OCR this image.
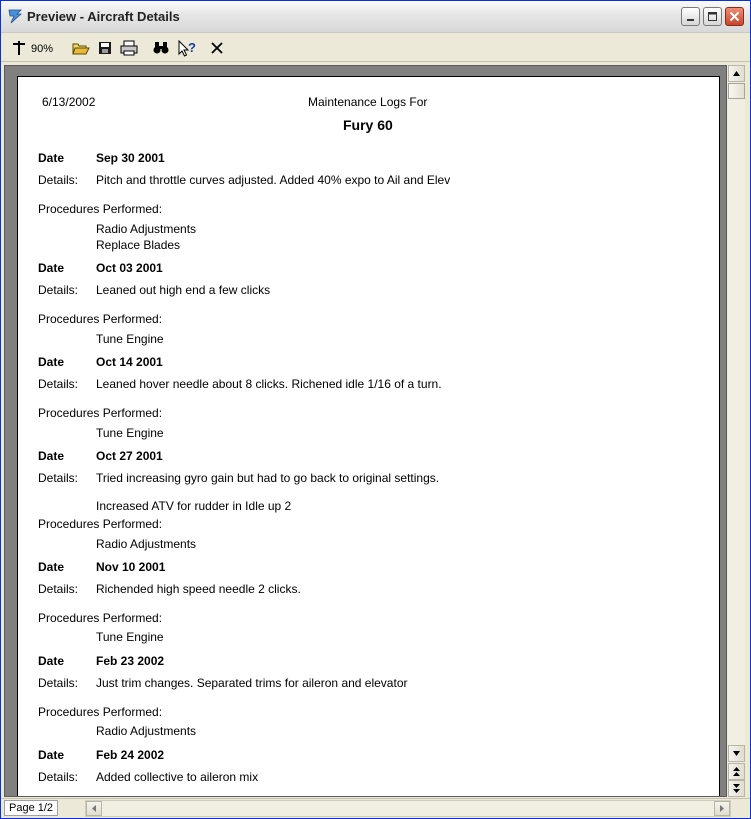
Preview - Aircraft Details
90%	?
6/13/2002	Maintenance Logs For
Fury 60
Date	Sep 30 2001
Details: Pitch and throttle curves adjusted. Added 40% expo to Ail and Elev
Procedures Performed:
Radio Adjustments
Replace Blades
Date	Oct 03 2001
Details: Leaned out high end a few clicks
Procedures Performed:
Tune Engine
Date	Oct 14 2001
Details: Leaned hover needle about 8 clicks. Richened idle 1/16 of a turn.
Procedures Performed:
Tune Engine
Date	Oct 27 2001
Details: Tried increasing gyro gain but had to go back to original settings.
Increased ATV for rudder in Idle up 2
Procedures Performed:
Radio Adjustments
Date	Nov 10 2001
Details: Richended high speed needle 2 clicks.
Procedures Performed:
Tune Engine
Date	Feb 23 2002
Details: Just trim changes. Separated trims for aileron and elevator
Procedures Performed:
Radio Adjustments
Date	Feb 24 2002
Details: Added collective to aileron mix
Page 1/2
